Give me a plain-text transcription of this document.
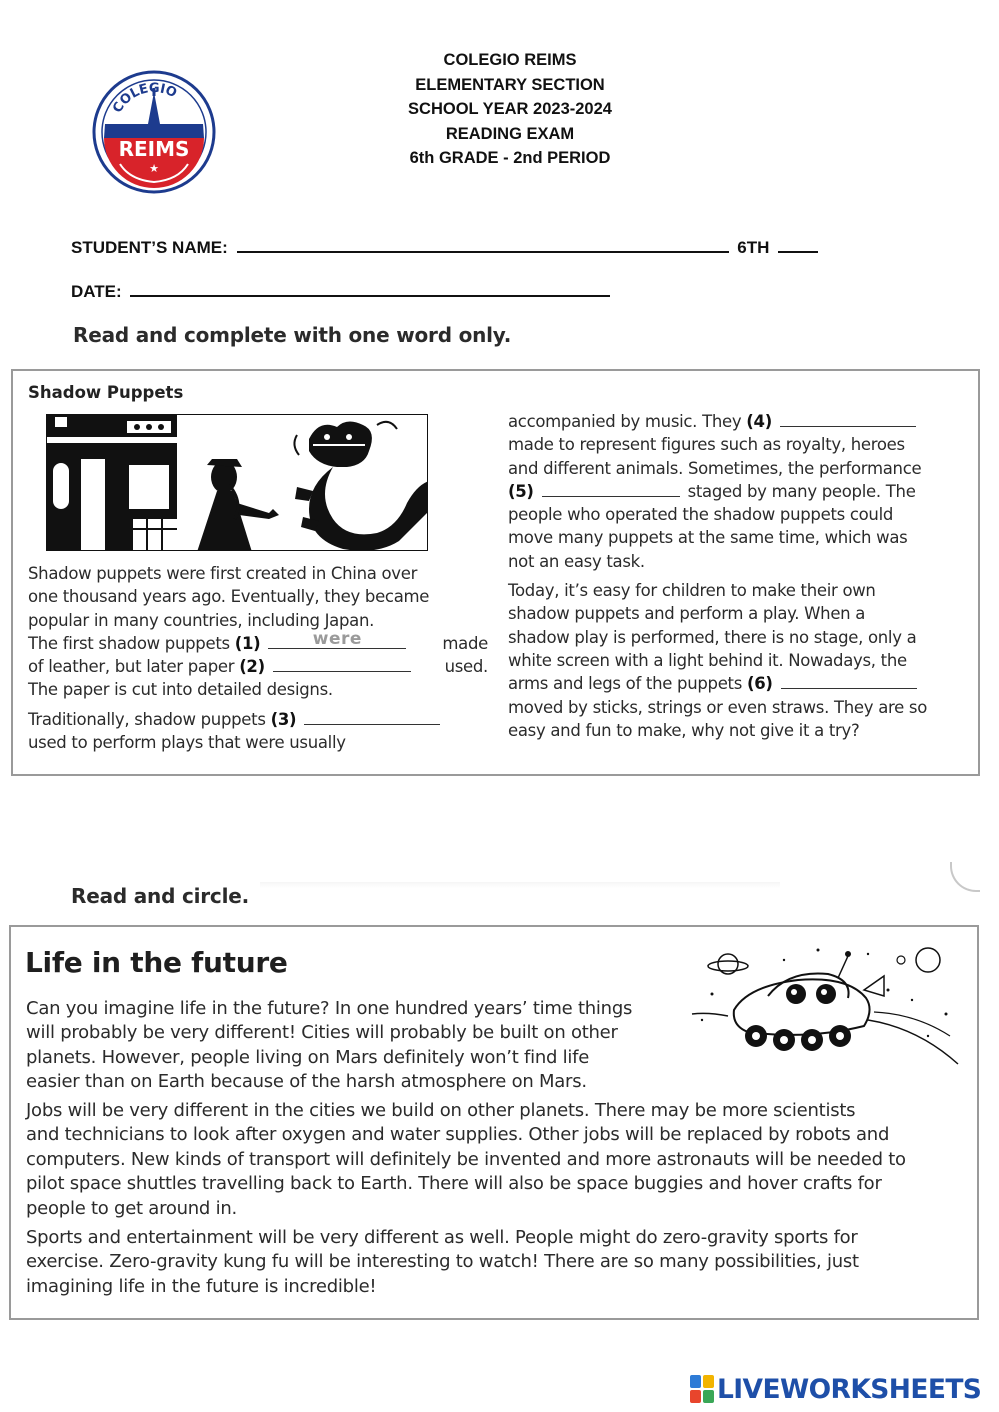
COLEGIO
REIMS
★
COLEGIO REIMS
ELEMENTARY SECTION
SCHOOL YEAR 2023-2024
READING EXAM
6th GRADE - 2nd PERIOD
STUDENT’S NAME:	6TH
DATE:
Read and complete with one word only.
Shadow Puppets
Shadow puppets were first created in China over
one thousand years ago. Eventually, they became
popular in many countries, including Japan.
The first shadow puppets (1)	were	made
of leather, but later paper (2)	used.
The paper is cut into detailed designs.
Traditionally, shadow puppets (3)
used to perform plays that were usually
accompanied by music. They (4)
made to represent figures such as royalty, heroes
and different animals. Sometimes, the performance
(5)	staged by many people. The
people who operated the shadow puppets could
move many puppets at the same time, which was
not an easy task.
Today, it’s easy for children to make their own
shadow puppets and perform a play. When a
shadow play is performed, there is no stage, only a
white screen with a light behind it. Nowadays, the
arms and legs of the puppets (6)
moved by sticks, strings or even straws. They are so
easy and fun to make, why not give it a try?
Read and circle.
Life in the future
Can you imagine life in the future? In one hundred years’ time things
will probably be very different! Cities will probably be built on other
planets. However, people living on Mars definitely won’t find life
easier than on Earth because of the harsh atmosphere on Mars.
Jobs will be very different in the cities we build on other planets. There may be more scientists
and technicians to look after oxygen and water supplies. Other jobs will be replaced by robots and
computers. New kinds of transport will definitely be invented and more astronauts will be needed to
pilot space shuttles travelling back to Earth. There will also be space buggies and hover crafts for
people to get around in.
Sports and entertainment will be very different as well. People might do zero-gravity sports for
exercise. Zero-gravity kung fu will be interesting to watch! There are so many possibilities, just
imagining life in the future is incredible!
LIVEWORKSHEETS
